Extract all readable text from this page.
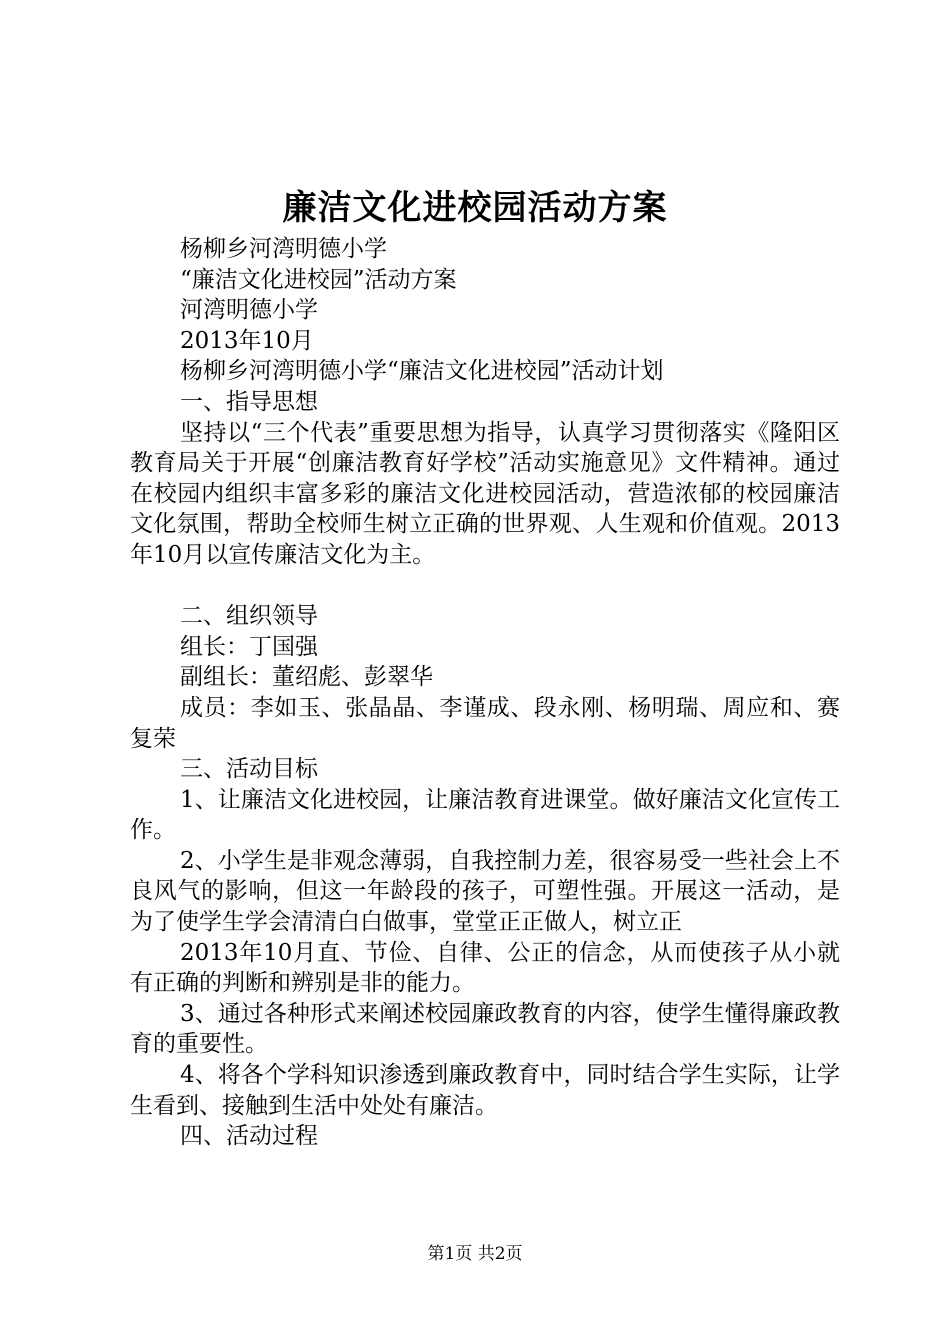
廉洁文化进校园活动方案

杨柳乡河湾明德小学

“廉洁文化进校园”活动方案

河湾明德小学

2013年10月

杨柳乡河湾明德小学“廉洁文化进校园”活动计划

一、指导思想

坚持以“三个代表”重要思想为指导，认真学习贯彻落实《隆阳区教育局关于开展“创廉洁教育好学校”活动实施意见》文件精神。通过在校园内组织丰富多彩的廉洁文化进校园活动，营造浓郁的校园廉洁文化氛围，帮助全校师生树立正确的世界观、人生观和价值观。2013年10月以宣传廉洁文化为主。

二、组织领导

组长：丁国强

副组长：董绍彪、彭翠华

成员：李如玉、张晶晶、李谨成、段永刚、杨明瑞、周应和、赛复荣

三、活动目标

1、让廉洁文化进校园，让廉洁教育进课堂。做好廉洁文化宣传工作。

2、小学生是非观念薄弱，自我控制力差，很容易受一些社会上不良风气的影响，但这一年龄段的孩子，可塑性强。开展这一活动，是为了使学生学会清清白白做事，堂堂正正做人，树立正

2013年10月直、节俭、自律、公正的信念，从而使孩子从小就有正确的判断和辨别是非的能力。

3、通过各种形式来阐述校园廉政教育的内容，使学生懂得廉政教育的重要性。

4、将各个学科知识渗透到廉政教育中，同时结合学生实际，让学生看到、接触到生活中处处有廉洁。

四、活动过程

第1页 共2页
